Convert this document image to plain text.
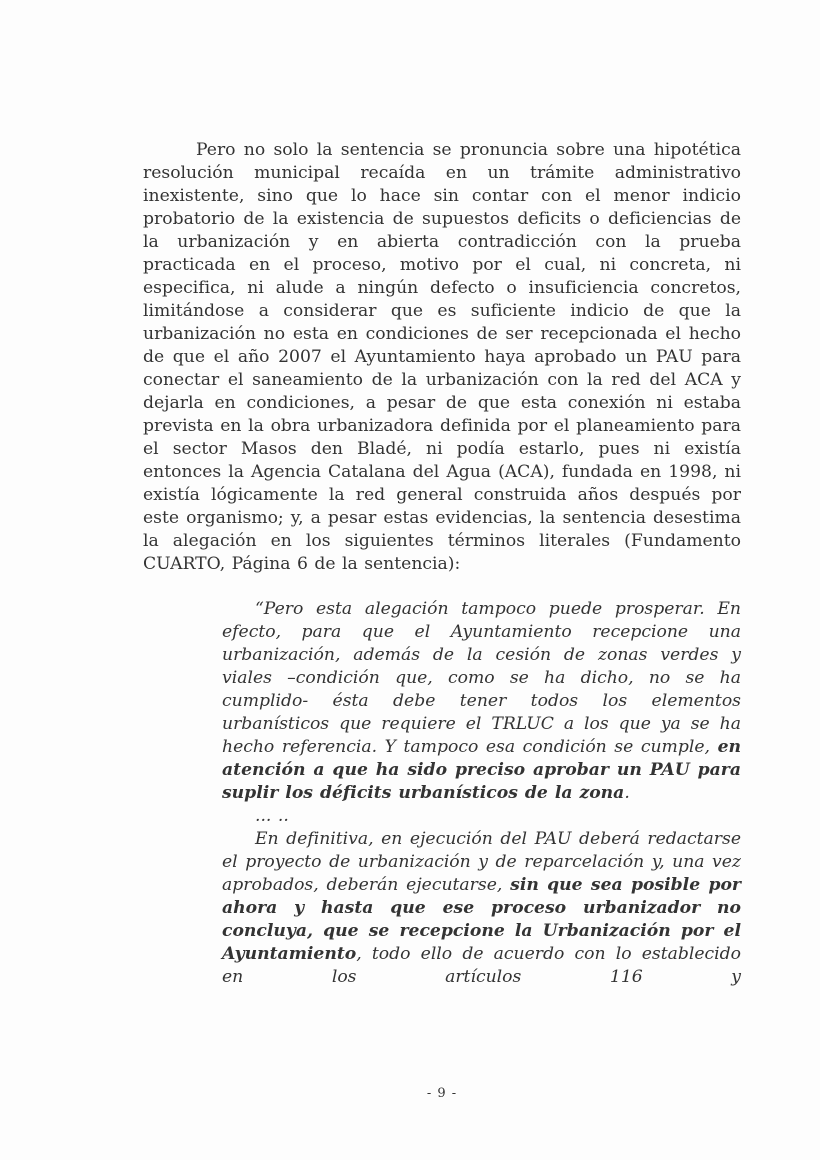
Pero no solo la sentencia se pronuncia sobre una hipotética resolución municipal recaída en un trámite administrativo inexistente, sino que lo hace sin contar con el menor indicio probatorio de la existencia de supuestos deficits o deficiencias de la urbanización y en abierta contradicción con la prueba practicada en el proceso, motivo por el cual, ni concreta, ni especifica, ni alude a ningún defecto o insuficiencia concretos, limitándose a considerar que es suficiente indicio de que la urbanización no esta en condiciones de ser recepcionada el hecho de que el año 2007 el Ayuntamiento haya aprobado un PAU para conectar el saneamiento de la urbanización con la red del ACA y dejarla en condiciones, a pesar de que esta conexión ni estaba prevista en la obra urbanizadora definida por el planeamiento para el sector Masos den Bladé, ni podía estarlo, pues ni existía entonces la Agencia Catalana del Agua (ACA), fundada en 1998, ni existía lógicamente la red general construida años después por este organismo; y, a pesar estas evidencias, la sentencia desestima la alegación en los siguientes términos literales (Fundamento CUARTO, Página 6 de la sentencia):
“Pero esta alegación tampoco puede prosperar. En efecto, para que el Ayuntamiento recepcione una urbanización, además de la cesión de zonas verdes y viales –condición que, como se ha dicho, no se ha cumplido- ésta debe tener todos los elementos urbanísticos que requiere el TRLUC a los que ya se ha hecho referencia. Y tampoco esa condición se cumple, en atención a que ha sido preciso aprobar un PAU para suplir los déficits urbanísticos de la zona.
... ..
En definitiva, en ejecución del PAU deberá redactarse el proyecto de urbanización y de reparcelación y, una vez aprobados, deberán ejecutarse, sin que sea posible por ahora y hasta que ese proceso urbanizador no concluya, que se recepcione la Urbanización por el Ayuntamiento, todo ello de acuerdo con lo establecido en los artículos 116 y
- 9 -
